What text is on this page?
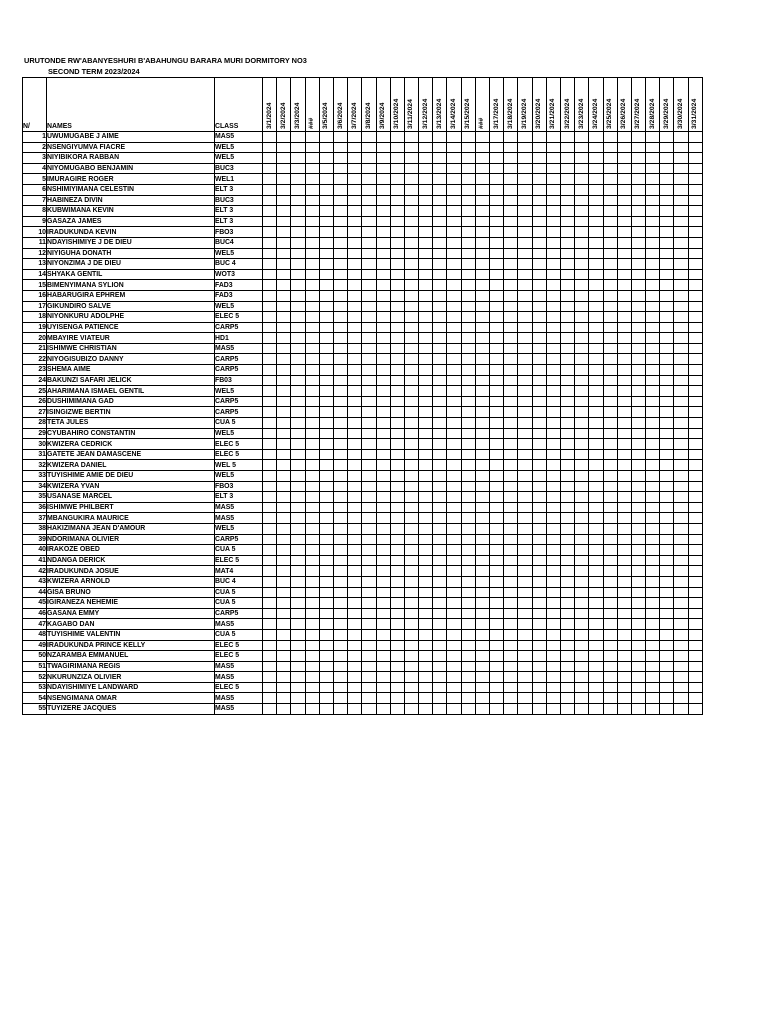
URUTONDE RW'ABANYESHURI B'ABAHUNGU BARARA MURI DORMITORY NO3
SECOND TERM 2023/2024
N/	NAMES	CLASS	3/1/2024	3/2/2024	3/3/2024	###	3/5/2024	3/6/2024	3/7/2024	3/8/2024	3/9/2024	3/10/2024	3/11/2024	3/12/2024	3/13/2024	3/14/2024	3/15/2024	###	3/17/2024	3/18/2024	3/19/2024	3/20/2024	3/21/2024	3/22/2024	3/23/2024	3/24/2024	3/25/2024	3/26/2024	3/27/2024	3/28/2024	3/29/2024	3/30/2024	3/31/2024

1	UWUMUGABE J AIME	MAS5																															
2	NSENGIYUMVA FIACRE	WEL5																															
3	NIYIBIKORA RABBAN	WEL5																															
4	NIYOMUGABO BENJAMIN	BUC3																															
5	IMURAGIRE ROGER	WEL1																															
6	NSHIMIYIMANA CELESTIN	ELT 3																															
7	HABINEZA DIVIN	BUC3																															
8	KUBWIMANA KEVIN	ELT 3																															
9	GASAZA JAMES	ELT 3																															
10	IRADUKUNDA KEVIN	FBO3																															
11	NDAYISHIMIYE J DE DIEU	BUC4																															
12	NIYIGUHA DONATH	WEL5																															
13	NIYONZIMA J DE DIEU	BUC 4																															
14	SHYAKA GENTIL	WOT3																															
15	BIMENYIMANA SYLION	FAD3																															
16	HABARUGIRA EPHREM	FAD3																															
17	GIKUNDIRO SALVE	WEL5																															
18	NIYONKURU ADOLPHE	ELEC 5																															
19	UYISENGA PATIENCE	CARP5																															
20	MBAYIRE VIATEUR	HD1																															
21	ISHIMWE CHRISTIAN	MAS5																															
22	NIYOGISUBIZO DANNY	CARP5																															
23	SHEMA AIME	CARP5																															
24	BAKUNZI SAFARI JELICK	FB03																															
25	AHARIMANA ISMAEL GENTIL	WEL5																															
26	DUSHIMIMANA GAD	CARP5																															
27	ISINGIZWE BERTIN	CARP5																															
28	TETA JULES	CUA 5																															
29	CYUBAHIRO CONSTANTIN	WEL5																															
30	KWIZERA CEDRICK	ELEC 5																															
31	GATETE JEAN DAMASCENE	ELEC 5																															
32	KWIZERA DANIEL	WEL 5																															
33	TUYISHIME AMIE DE DIEU	WEL5																															
34	KWIZERA YVAN	FBO3																															
35	USANASE MARCEL	ELT 3																															
36	ISHIMWE PHILBERT	MAS5																															
37	MBANGUKIRA MAURICE	MAS5																															
38	HAKIZIMANA JEAN D'AMOUR	WEL5																															
39	NDORIMANA OLIVIER	CARP5																															
40	IRAKOZE OBED	CUA 5																															
41	NDANGA DERICK	ELEC 5																															
42	IRADUKUNDA JOSUE	MAT4																															
43	KWIZERA ARNOLD	BUC 4																															
44	GISA BRUNO	CUA 5																															
45	IGIRANEZA NEHEMIE	CUA 5																															
46	GASANA EMMY	CARP5																															
47	KAGABO DAN	MAS5																															
48	TUYISHIME VALENTIN	CUA 5																															
49	IRADUKUNDA PRINCE KELLY	ELEC 5																															
50	NZARAMBA EMMANUEL	ELEC 5																															
51	TWAGIRIMANA REGIS	MAS5																															
52	NKURUNZIZA OLIVIER	MAS5																															
53	NDAYISHIMIYE LANDWARD	ELEC 5																															
54	NSENGIMANA OMAR	MAS5																															
55	TUYIZERE JACQUES	MAS5																															
